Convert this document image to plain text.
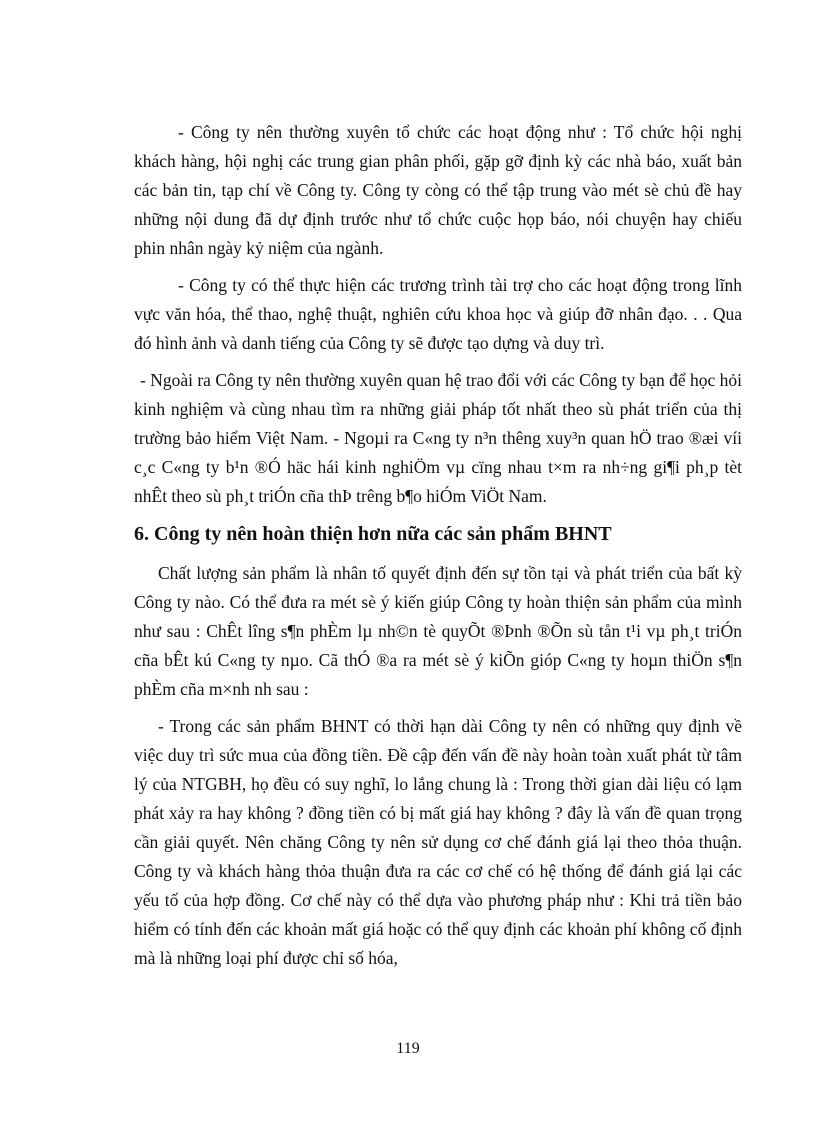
- Công ty nên thường xuyên tổ chức các hoạt động như : Tổ chức hội nghị khách hàng, hội nghị các trung gian phân phối, gặp gỡ định kỳ các nhà báo, xuất bản các bản tin, tạp chí về Công ty. Công ty còng có thể tập trung vào mét sè chủ đề hay những nội dung đã dự định trước như tổ chức cuộc họp báo, nói chuyện hay chiếu phin nhân ngày kỷ niệm của ngành.

- Công ty có thể thực hiện các trương trình tài trợ cho các hoạt động trong lĩnh vực văn hóa, thể thao, nghệ thuật, nghiên cứu khoa học và giúp đỡ nhân đạo. . . Qua đó hình ảnh và danh tiếng của Công ty sẽ được tạo dựng và duy trì.

- Ngoài ra Công ty nên thường xuyên quan hệ trao đổi với các Công ty bạn để học hỏi kinh nghiệm và cùng nhau tìm ra những giải pháp tốt nhất theo sù phát triển của thị trường bảo hiểm Việt Nam. - Ngoµi ra C«ng ty n³n thêng xuy³n quan hÖ trao ®æi víi c¸c C«ng ty b¹n ®Ó häc hái kinh nghiÖm vµ cïng nhau t×m ra nh÷ng gi¶i ph¸p tèt nhÊt theo sù ph¸t triÓn cña thÞ trêng b¶o hiÓm ViÖt Nam.

6. Công ty nên hoàn thiện hơn nữa các sản phẩm BHNT

Chất lượng sản phẩm là nhân tố quyết định đến sự tồn tại và phát triển của bất kỳ Công ty nào. Có thể đưa ra mét sè ý kiến giúp Công ty hoàn thiện sản phẩm của mình như sau : ChÊt lîng s¶n phÈm lµ nh©n tè quyÕt ®Þnh ®Õn sù tån t¹i vµ ph¸t triÓn cña bÊt kú C«ng ty nµo. Cã thÓ ®a ra mét sè ý kiÕn gióp C«ng ty hoµn thiÖn s¶n phÈm cña m×nh nh sau :

- Trong các sản phẩm BHNT có thời hạn dài Công ty nên có những quy định về việc duy trì sức mua của đồng tiền. Đề cập đến vấn đề này hoàn toàn xuất phát từ tâm lý của NTGBH, họ đều có suy nghĩ, lo lắng chung là : Trong thời gian dài liệu có lạm phát xảy ra hay không ? đồng tiền có bị mất giá hay không ? đây là vấn đề quan trọng cần giải quyết. Nên chăng Công ty nên sử dụng cơ chế đánh giá lại theo thỏa thuận. Công ty và khách hàng thỏa thuận đưa ra các cơ chế có hệ thống để đánh giá lại các yếu tố của hợp đồng. Cơ chế này có thể dựa vào phương pháp như : Khi trả tiền bảo hiểm có tính đến các khoản mất giá hoặc có thể quy định các khoản phí không cố định mà là những loại phí được chỉ số hóa,

119
